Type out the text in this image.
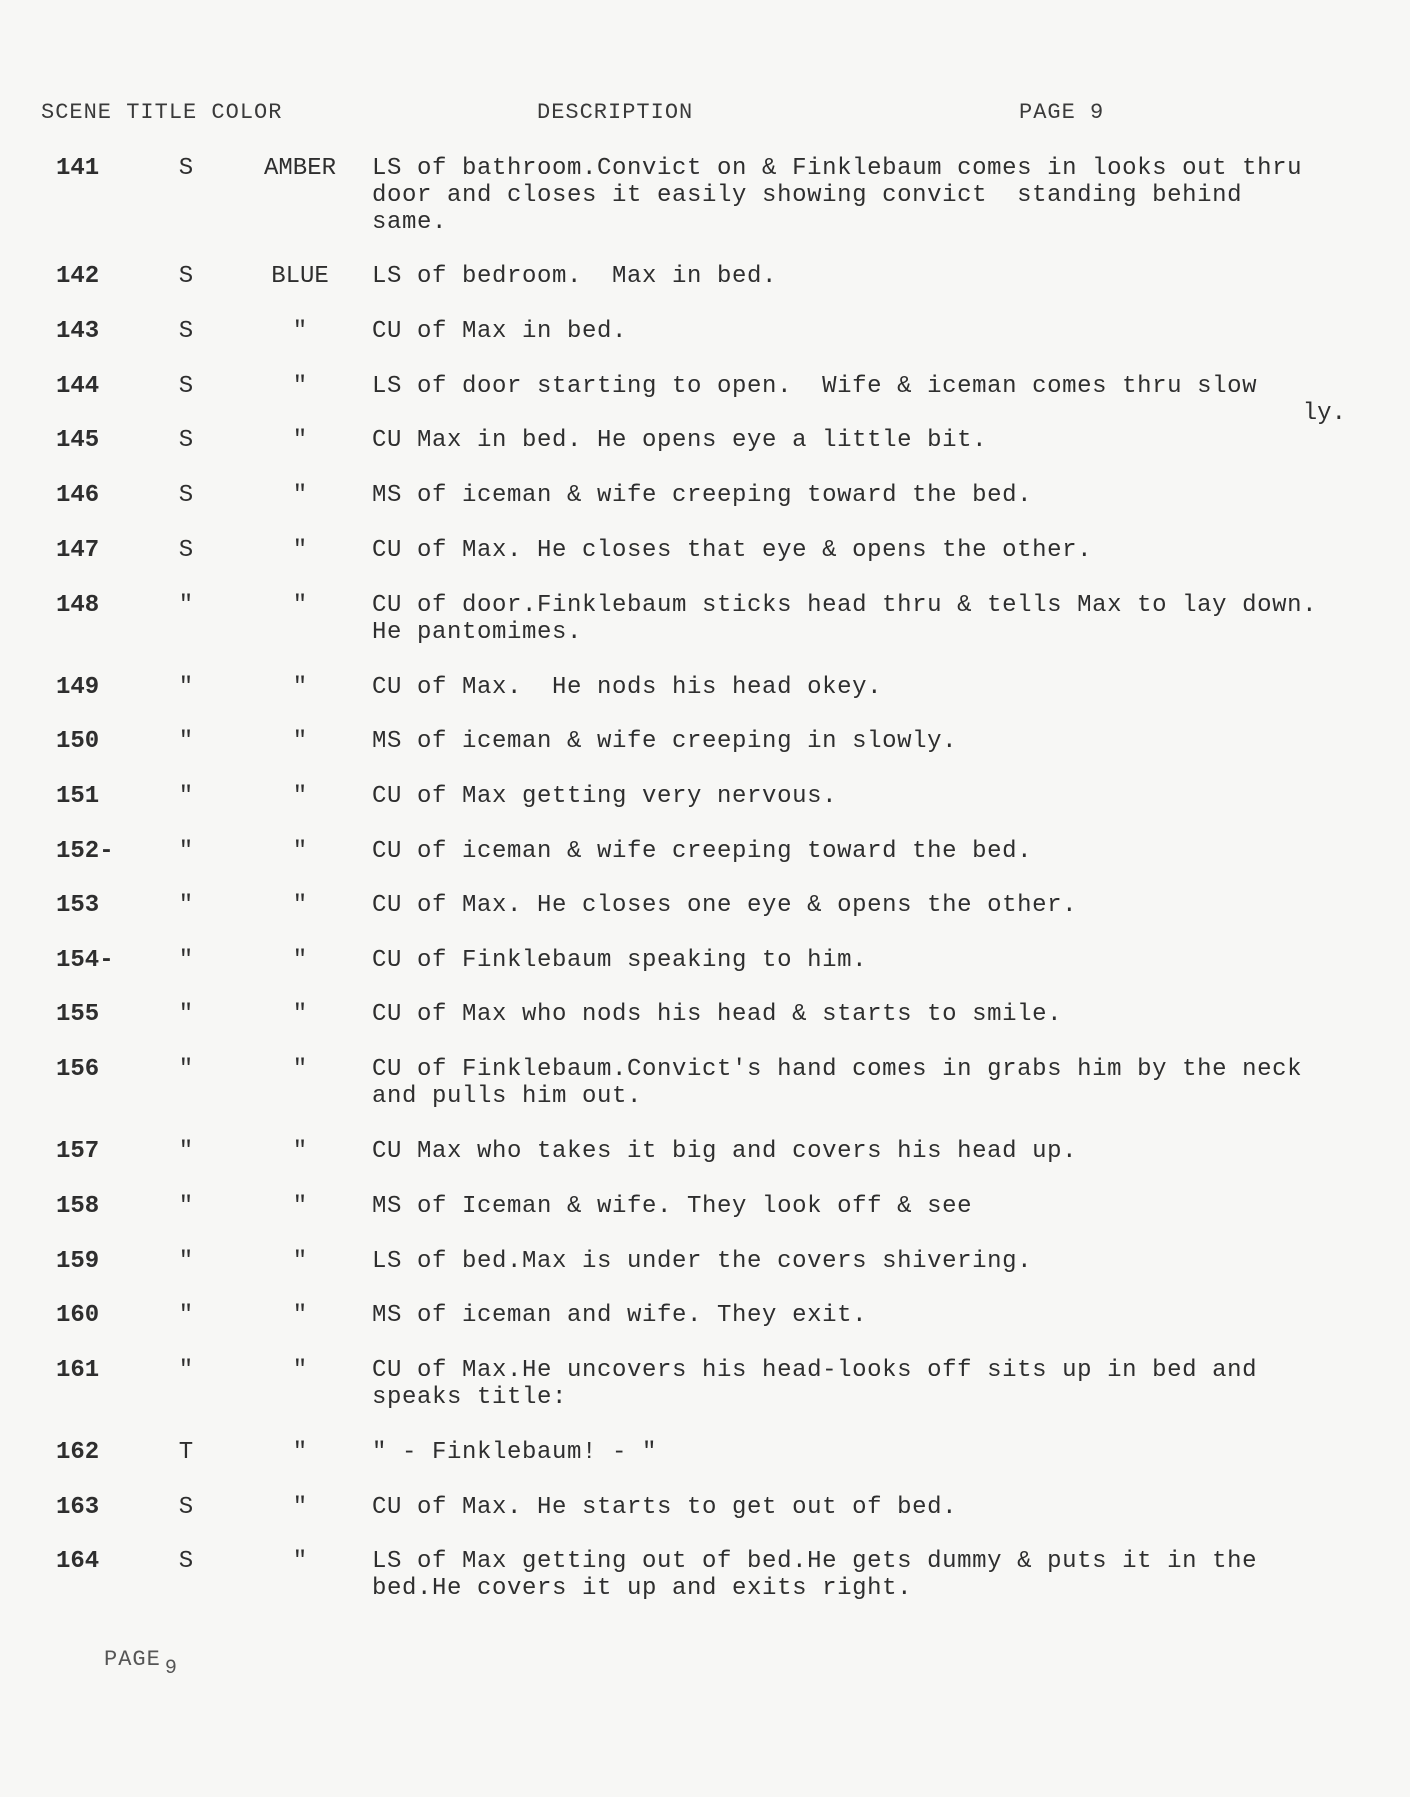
SCENE TITLE COLOR	DESCRIPTION	PAGE 9
141	S	AMBER	LS of bathroom.Convict on & Finklebaum comes in looks out thru door and closes it easily showing convict  standing behind same.
142	S	BLUE	LS of bedroom.  Max in bed.
143	S	"	CU of Max in bed.
144	S	"	LS of door starting to open.  Wife & iceman comes thru slow
ly.
145	S	"	CU Max in bed. He opens eye a little bit.
146	S	"	MS of iceman & wife creeping toward the bed.
147	S	"	CU of Max. He closes that eye & opens the other.
148	"	"	CU of door.Finklebaum sticks head thru & tells Max to lay down.  He pantomimes.
149	"	"	CU of Max.  He nods his head okey.
150	"	"	MS of iceman & wife creeping in slowly.
151	"	"	CU of Max getting very nervous.
152-	"	"	CU of iceman & wife creeping toward the bed.
153	"	"	CU of Max. He closes one eye & opens the other.
154-	"	"	CU of Finklebaum speaking to him.
155	"	"	CU of Max who nods his head & starts to smile.
156	"	"	CU of Finklebaum.Convict's hand comes in grabs him by the neck and pulls him out.
157	"	"	CU Max who takes it big and covers his head up.
158	"	"	MS of Iceman & wife. They look off & see
159	"	"	LS of bed.Max is under the covers shivering.
160	"	"	MS of iceman and wife. They exit.
161	"	"	CU of Max.He uncovers his head-looks off sits up in bed and speaks title:
162	T	"	" - Finklebaum! - "
163	S	"	CU of Max. He starts to get out of bed.
164	S	"	LS of Max getting out of bed.He gets dummy & puts it in the bed.He covers it up and exits right.
PAGE 9
